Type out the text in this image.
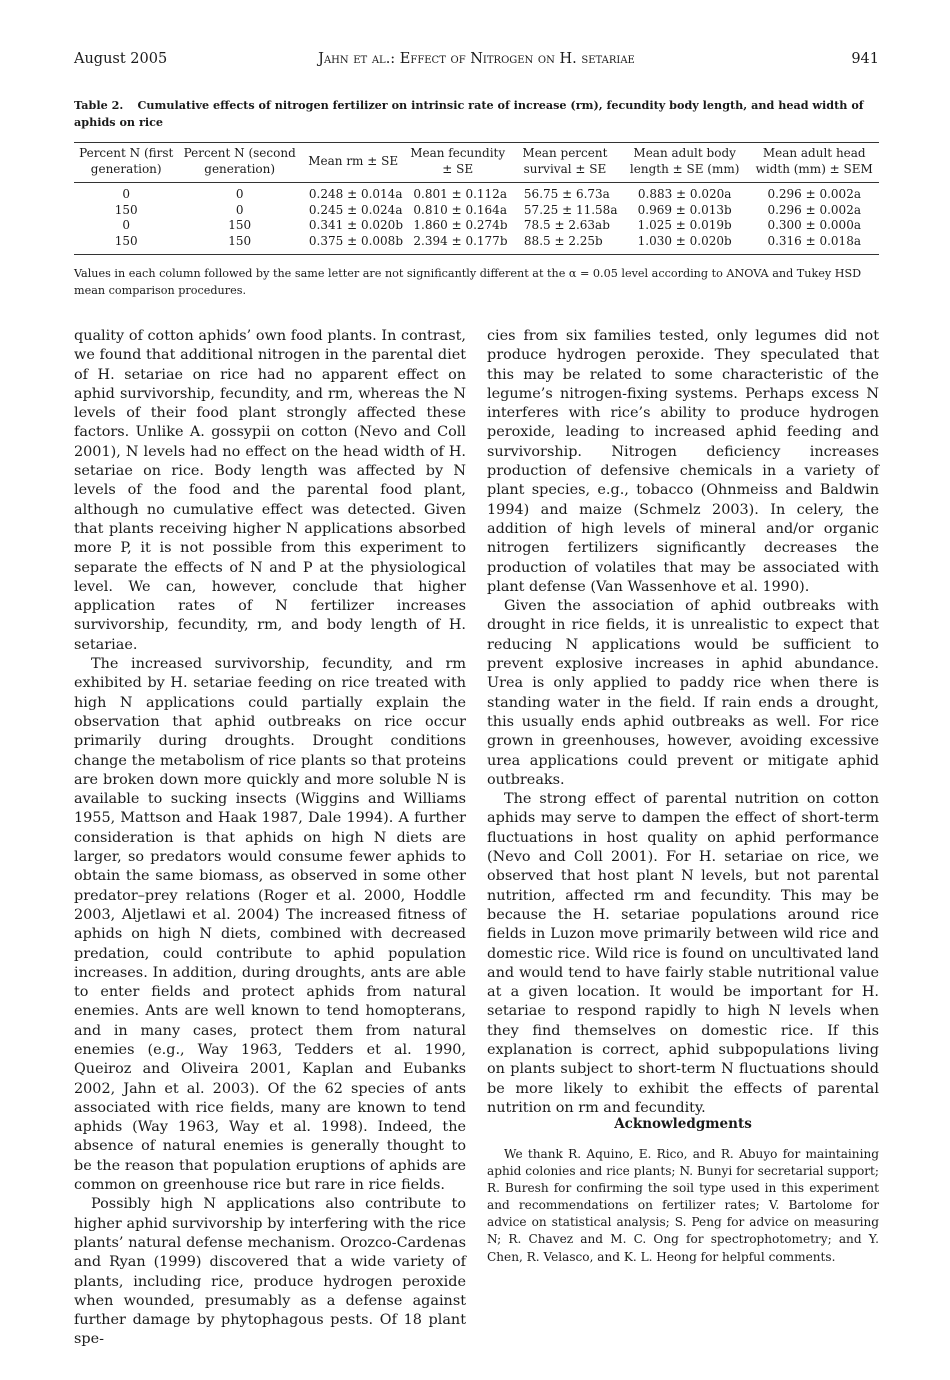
August 2005	Jahn et al.: Effect of Nitrogen on H. setariae	941
Table 2. Cumulative effects of nitrogen fertilizer on intrinsic rate of increase (rm), fecundity body length, and head width of aphids on rice
Percent N (first generation)	Percent N (second generation)	Mean rm ± SE	Mean fecundity ± SE	Mean percent survival ± SE	Mean adult body length ± SE (mm)	Mean adult head width (mm) ± SEM
0	0	0.248 ± 0.014a	0.801 ± 0.112a	56.75 ± 6.73a	0.883 ± 0.020a	0.296 ± 0.002a
150	0	0.245 ± 0.024a	0.810 ± 0.164a	57.25 ± 11.58a	0.969 ± 0.013b	0.296 ± 0.002a
0	150	0.341 ± 0.020b	1.860 ± 0.274b	78.5 ± 2.63ab	1.025 ± 0.019b	0.300 ± 0.000a
150	150	0.375 ± 0.008b	2.394 ± 0.177b	88.5 ± 2.25b	1.030 ± 0.020b	0.316 ± 0.018a
Values in each column followed by the same letter are not significantly different at the α = 0.05 level according to ANOVA and Tukey HSD mean comparison procedures.

quality of cotton aphids’ own food plants. In contrast, we found that additional nitrogen in the parental diet of H. setariae on rice had no apparent effect on aphid survivorship, fecundity, and rm, whereas the N levels of their food plant strongly affected these factors. Unlike A. gossypii on cotton (Nevo and Coll 2001), N levels had no effect on the head width of H. setariae on rice. Body length was affected by N levels of the food and the parental food plant, although no cumulative effect was detected. Given that plants receiving higher N applications absorbed more P, it is not possible from this experiment to separate the effects of N and P at the physiological level. We can, however, conclude that higher application rates of N fertilizer increases survivorship, fecundity, rm, and body length of H. setariae.

The increased survivorship, fecundity, and rm exhibited by H. setariae feeding on rice treated with high N applications could partially explain the observation that aphid outbreaks on rice occur primarily during droughts. Drought conditions change the metabolism of rice plants so that proteins are broken down more quickly and more soluble N is available to sucking insects (Wiggins and Williams 1955, Mattson and Haak 1987, Dale 1994). A further consideration is that aphids on high N diets are larger, so predators would consume fewer aphids to obtain the same biomass, as observed in some other predator–prey relations (Roger et al. 2000, Hoddle 2003, Aljetlawi et al. 2004) The increased fitness of aphids on high N diets, combined with decreased predation, could contribute to aphid population increases. In addition, during droughts, ants are able to enter fields and protect aphids from natural enemies. Ants are well known to tend homopterans, and in many cases, protect them from natural enemies (e.g., Way 1963, Tedders et al. 1990, Queiroz and Oliveira 2001, Kaplan and Eubanks 2002, Jahn et al. 2003). Of the 62 species of ants associated with rice fields, many are known to tend aphids (Way 1963, Way et al. 1998). Indeed, the absence of natural enemies is generally thought to be the reason that population eruptions of aphids are common on greenhouse rice but rare in rice fields.

Possibly high N applications also contribute to higher aphid survivorship by interfering with the rice plants’ natural defense mechanism. Orozco-Cardenas and Ryan (1999) discovered that a wide variety of plants, including rice, produce hydrogen peroxide when wounded, presumably as a defense against further damage by phytophagous pests. Of 18 plant spe-

cies from six families tested, only legumes did not produce hydrogen peroxide. They speculated that this may be related to some characteristic of the legume’s nitrogen-fixing systems. Perhaps excess N interferes with rice’s ability to produce hydrogen peroxide, leading to increased aphid feeding and survivorship. Nitrogen deficiency increases production of defensive chemicals in a variety of plant species, e.g., tobacco (Ohnmeiss and Baldwin 1994) and maize (Schmelz 2003). In celery, the addition of high levels of mineral and/or organic nitrogen fertilizers significantly decreases the production of volatiles that may be associated with plant defense (Van Wassenhove et al. 1990).

Given the association of aphid outbreaks with drought in rice fields, it is unrealistic to expect that reducing N applications would be sufficient to prevent explosive increases in aphid abundance. Urea is only applied to paddy rice when there is standing water in the field. If rain ends a drought, this usually ends aphid outbreaks as well. For rice grown in greenhouses, however, avoiding excessive urea applications could prevent or mitigate aphid outbreaks.

The strong effect of parental nutrition on cotton aphids may serve to dampen the effect of short-term fluctuations in host quality on aphid performance (Nevo and Coll 2001). For H. setariae on rice, we observed that host plant N levels, but not parental nutrition, affected rm and fecundity. This may be because the H. setariae populations around rice fields in Luzon move primarily between wild rice and domestic rice. Wild rice is found on uncultivated land and would tend to have fairly stable nutritional value at a given location. It would be important for H. setariae to respond rapidly to high N levels when they find themselves on domestic rice. If this explanation is correct, aphid subpopulations living on plants subject to short-term N fluctuations should be more likely to exhibit the effects of parental nutrition on rm and fecundity.

Acknowledgments

We thank R. Aquino, E. Rico, and R. Abuyo for maintaining aphid colonies and rice plants; N. Bunyi for secretarial support; R. Buresh for confirming the soil type used in this experiment and recommendations on fertilizer rates; V. Bartolome for advice on statistical analysis; S. Peng for advice on measuring N; R. Chavez and M. C. Ong for spectrophotometry; and Y. Chen, R. Velasco, and K. L. Heong for helpful comments.
